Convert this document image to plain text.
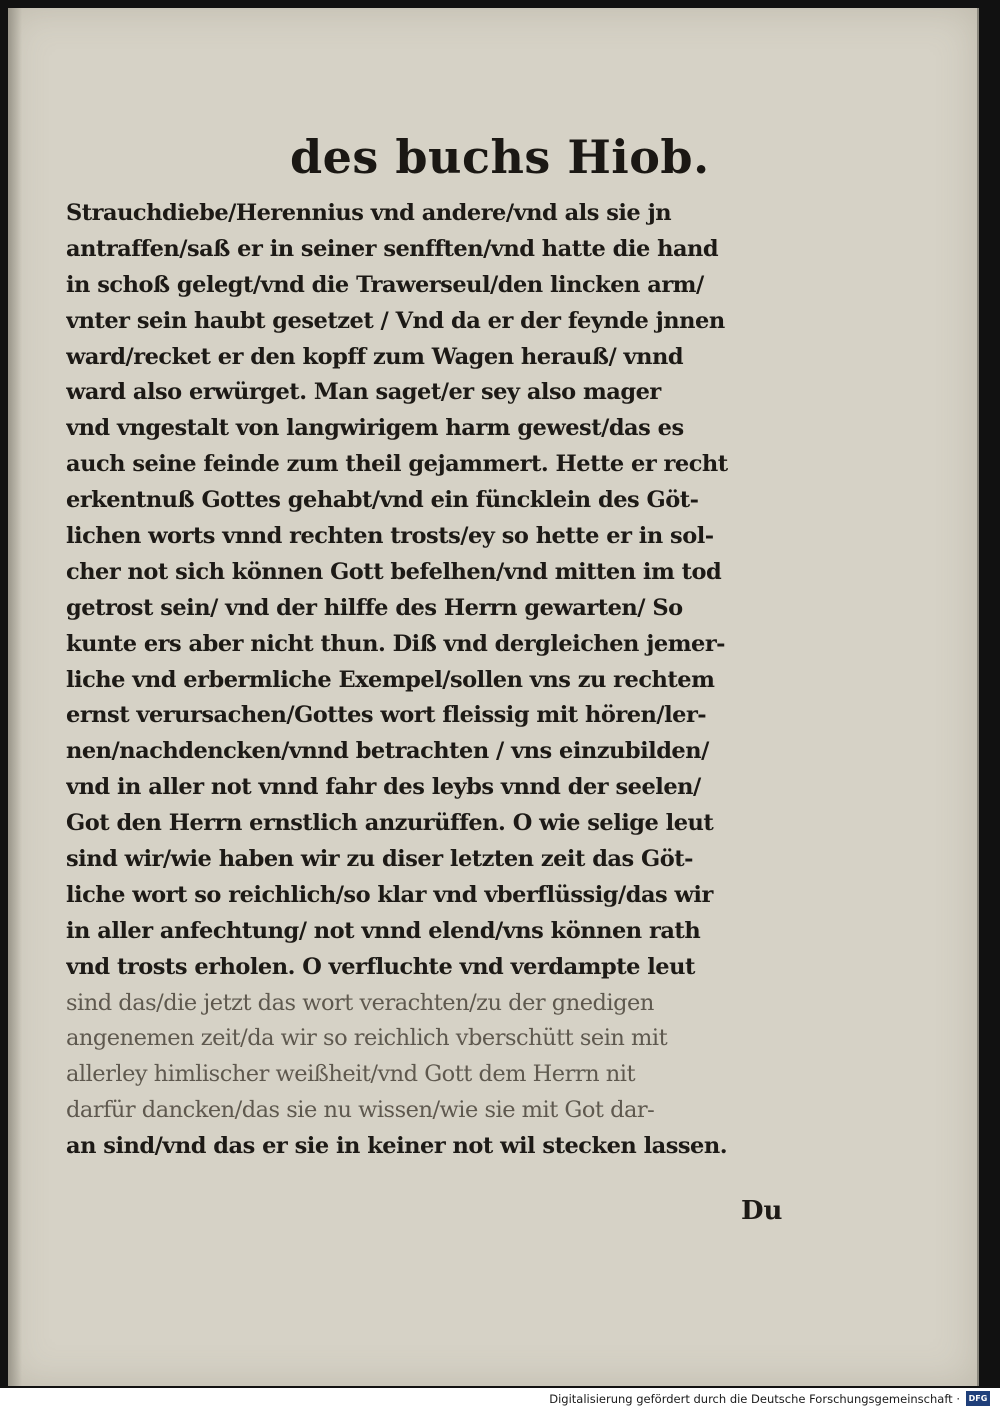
des buchs Hiob.
Strauchdiebe/Herennius vnd andere/vnd als sie jn
antraffen/saß er in seiner senfften/vnd hatte die hand
in schoß gelegt/vnd die Trawerseul/den lincken arm/
vnter sein haubt gesetzet / Vnd da er der feynde jnnen
ward/recket er den kopff zum Wagen herauß/ vnnd
ward also erwürget. Man saget/er sey also mager
vnd vngestalt von langwirigem harm gewest/das es
auch seine feinde zum theil gejammert. Hette er recht
erkentnuß Gottes gehabt/vnd ein füncklein des Göt-
lichen worts vnnd rechten trosts/ey so hette er in sol-
cher not sich können Gott befelhen/vnd mitten im tod
getrost sein/ vnd der hilffe des Herrn gewarten/ So
kunte ers aber nicht thun. Diß vnd dergleichen jemer-
liche vnd erbermliche Exempel/sollen vns zu rechtem
ernst verursachen/Gottes wort fleissig mit hören/ler-
nen/nachdencken/vnnd betrachten / vns einzubilden/
vnd in aller not vnnd fahr des leybs vnnd der seelen/
Got den Herrn ernstlich anzurüffen. O wie selige leut
sind wir/wie haben wir zu diser letzten zeit das Göt-
liche wort so reichlich/so klar vnd vberflüssig/das wir
in aller anfechtung/ not vnnd elend/vns können rath
vnd trosts erholen. O verfluchte vnd verdampte leut
sind das/die jetzt das wort verachten/zu der gnedigen
angenemen zeit/da wir so reichlich vberschütt sein mit
allerley himlischer weißheit/vnd Gott dem Herrn nit
darfür dancken/das sie nu wissen/wie sie mit Got dar-
an sind/vnd das er sie in keiner not wil stecken lassen.

Du

Digitalisierung gefördert durch die Deutsche Forschungsgemeinschaft ·	DFG
